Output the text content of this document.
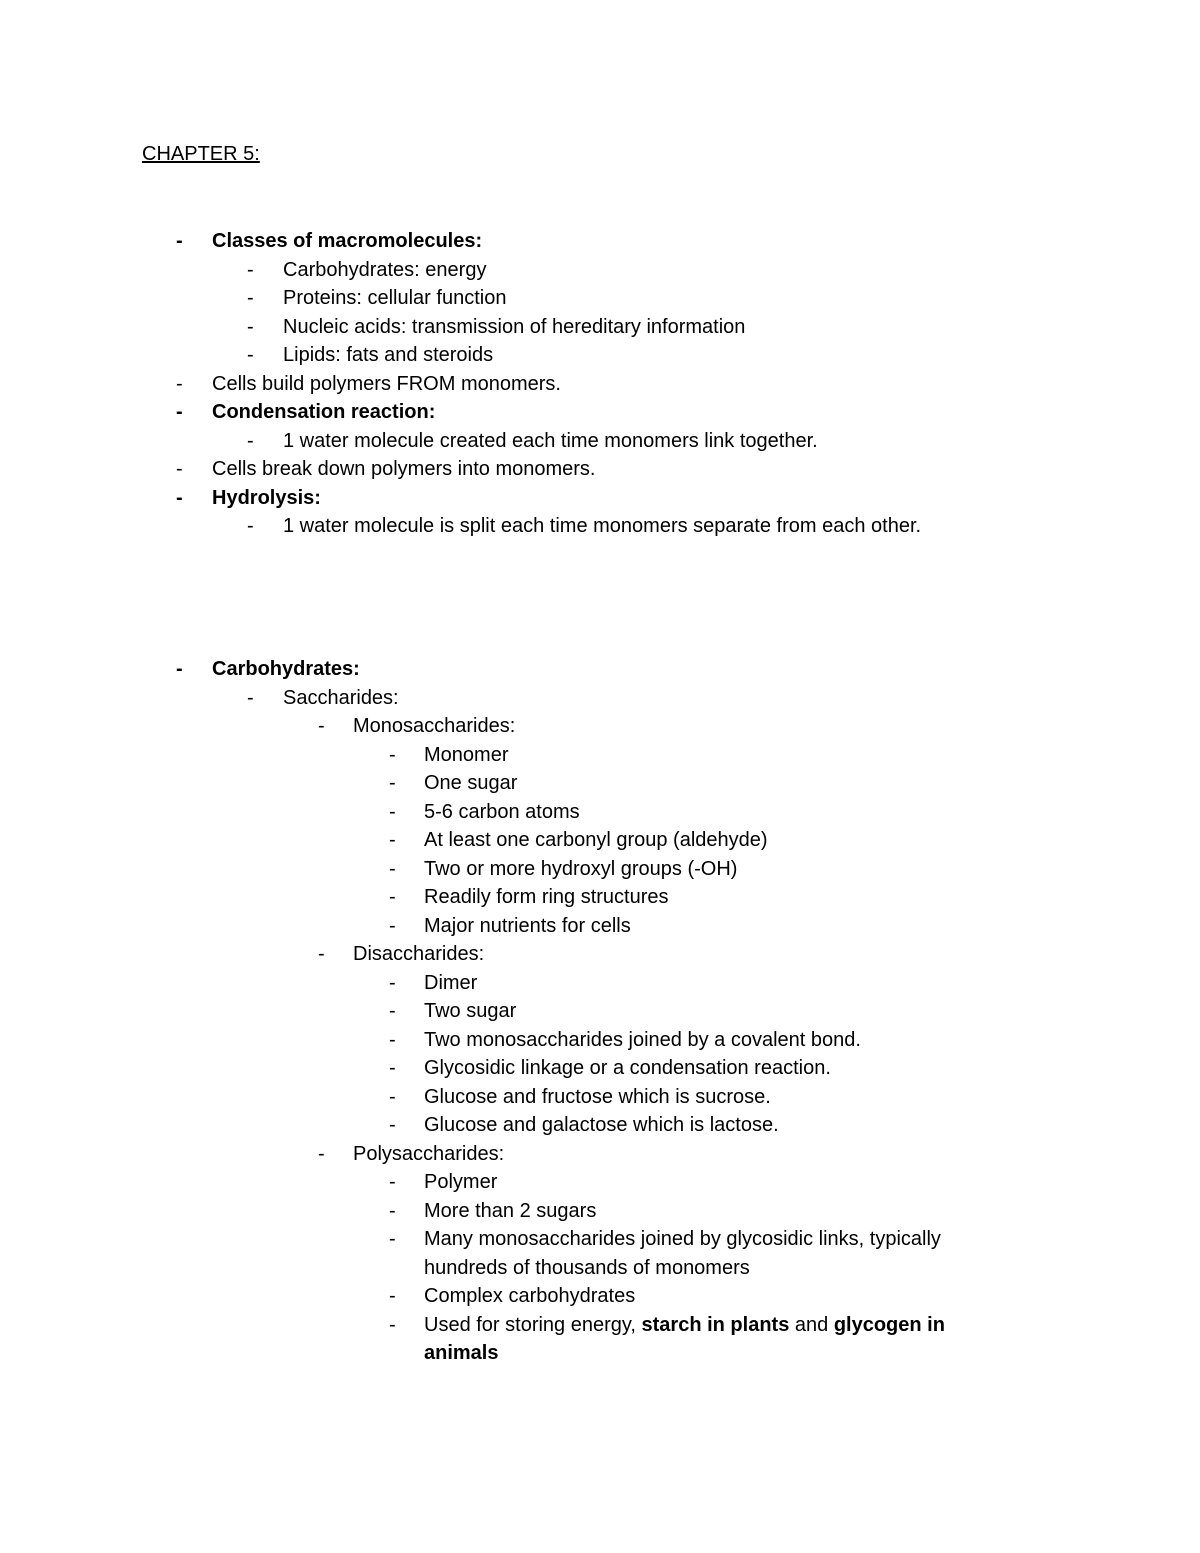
CHAPTER 5:
- Classes of macromolecules:
- Carbohydrates: energy
- Proteins: cellular function
- Nucleic acids: transmission of hereditary information
- Lipids: fats and steroids
- Cells build polymers FROM monomers.
- Condensation reaction:
- 1 water molecule created each time monomers link together.
- Cells break down polymers into monomers.
- Hydrolysis:
- 1 water molecule is split each time monomers separate from each other.
- Carbohydrates:
- Saccharides:
- Monosaccharides:
- Monomer
- One sugar
- 5-6 carbon atoms
- At least one carbonyl group (aldehyde)
- Two or more hydroxyl groups (-OH)
- Readily form ring structures
- Major nutrients for cells
- Disaccharides:
- Dimer
- Two sugar
- Two monosaccharides joined by a covalent bond.
- Glycosidic linkage or a condensation reaction.
- Glucose and fructose which is sucrose.
- Glucose and galactose which is lactose.
- Polysaccharides:
- Polymer
- More than 2 sugars
- Many monosaccharides joined by glycosidic links, typically hundreds of thousands of monomers
- Complex carbohydrates
- Used for storing energy, starch in plants and glycogen in animals
